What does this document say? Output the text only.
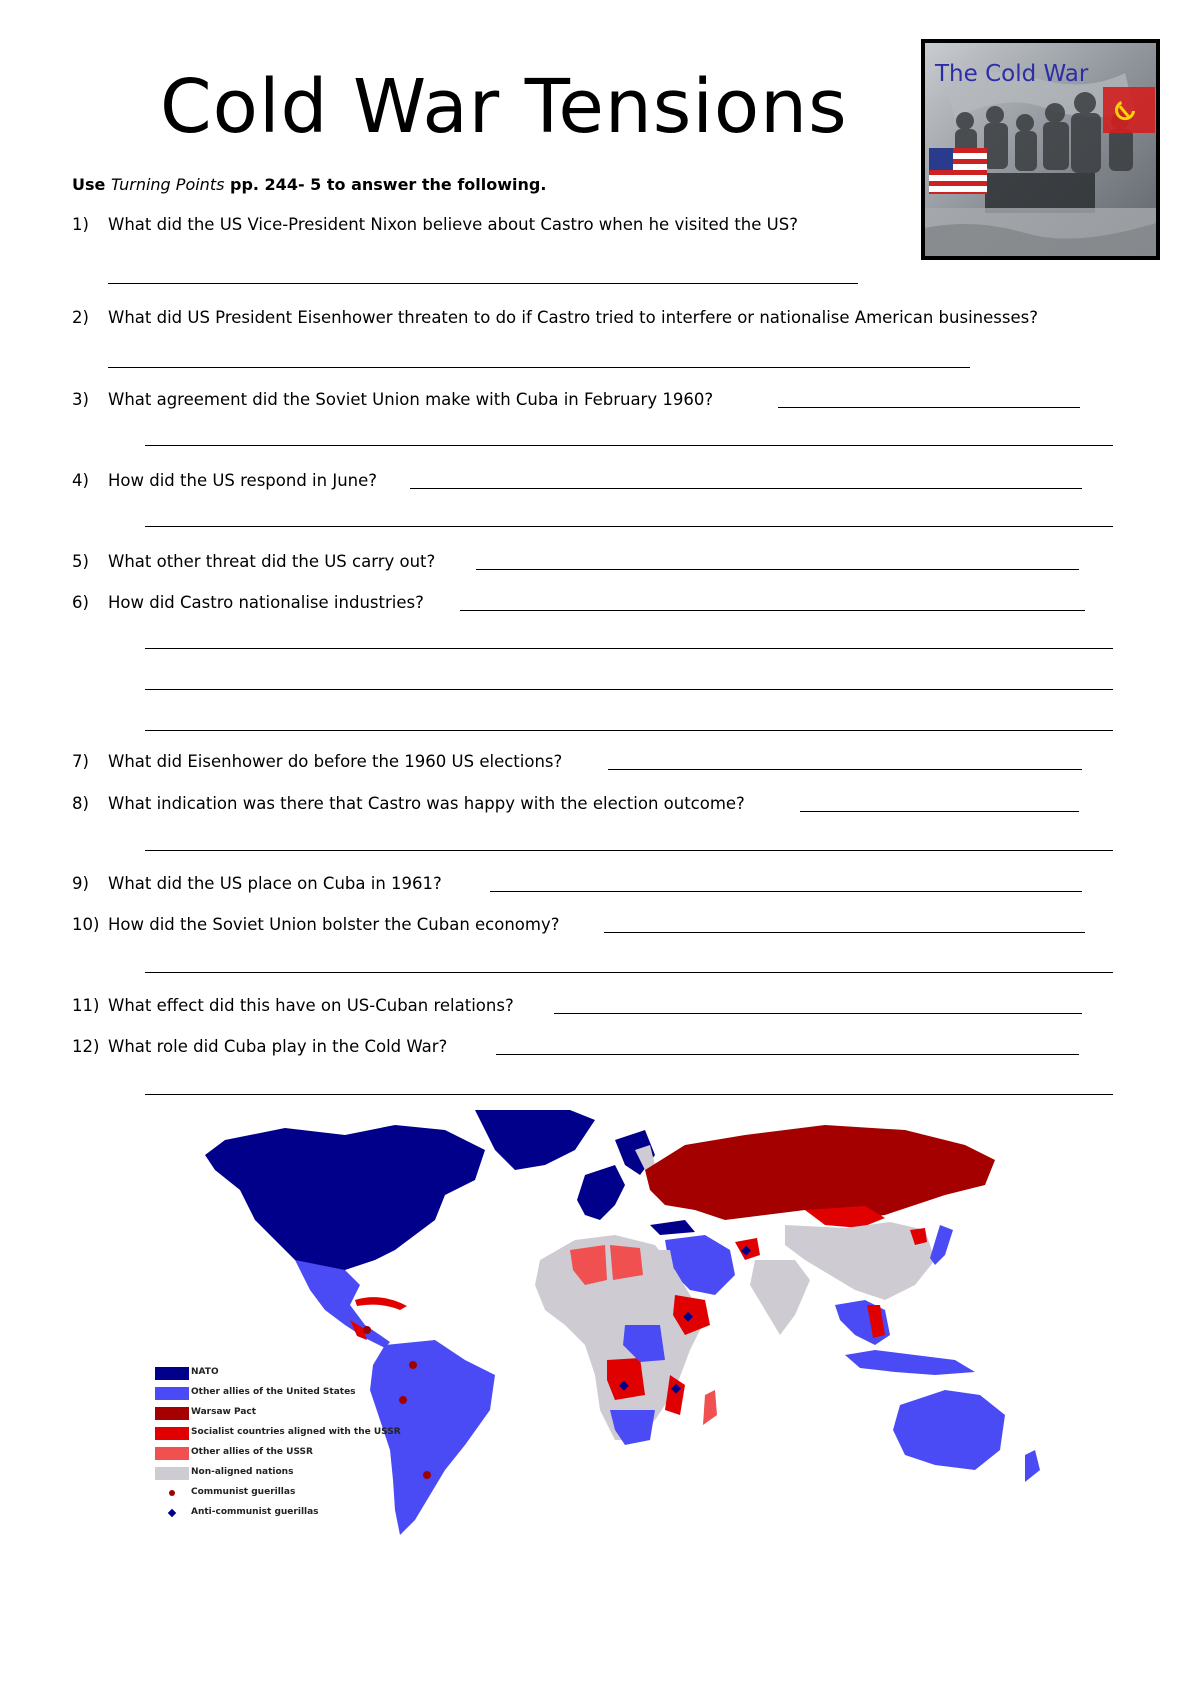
Cold War Tensions
Use Turning Points pp. 244- 5 to answer the following.
The Cold War
1)	What did the US Vice-President Nixon believe about Castro when he visited the US?
2)	What did US President Eisenhower threaten to do if Castro tried to interfere or nationalise American businesses?
3)	What agreement did the Soviet Union make with Cuba in February 1960?
4)	How did the US respond in June?
5)	What other threat did the US carry out?
6)	How did Castro nationalise industries?
7)	What did Eisenhower do before the 1960 US elections?
8)	What indication was there that Castro was happy with the election outcome?
9)	What did the US place on Cuba in 1961?
10) How did the Soviet Union bolster the Cuban economy?
11) What effect did this have on US-Cuban relations?
12) What role did Cuba play in the Cold War?
NATO
Other allies of the United States
Warsaw Pact
Socialist countries aligned with the USSR
Other allies of the USSR
Non-aligned nations
Communist guerillas
Anti-communist guerillas
